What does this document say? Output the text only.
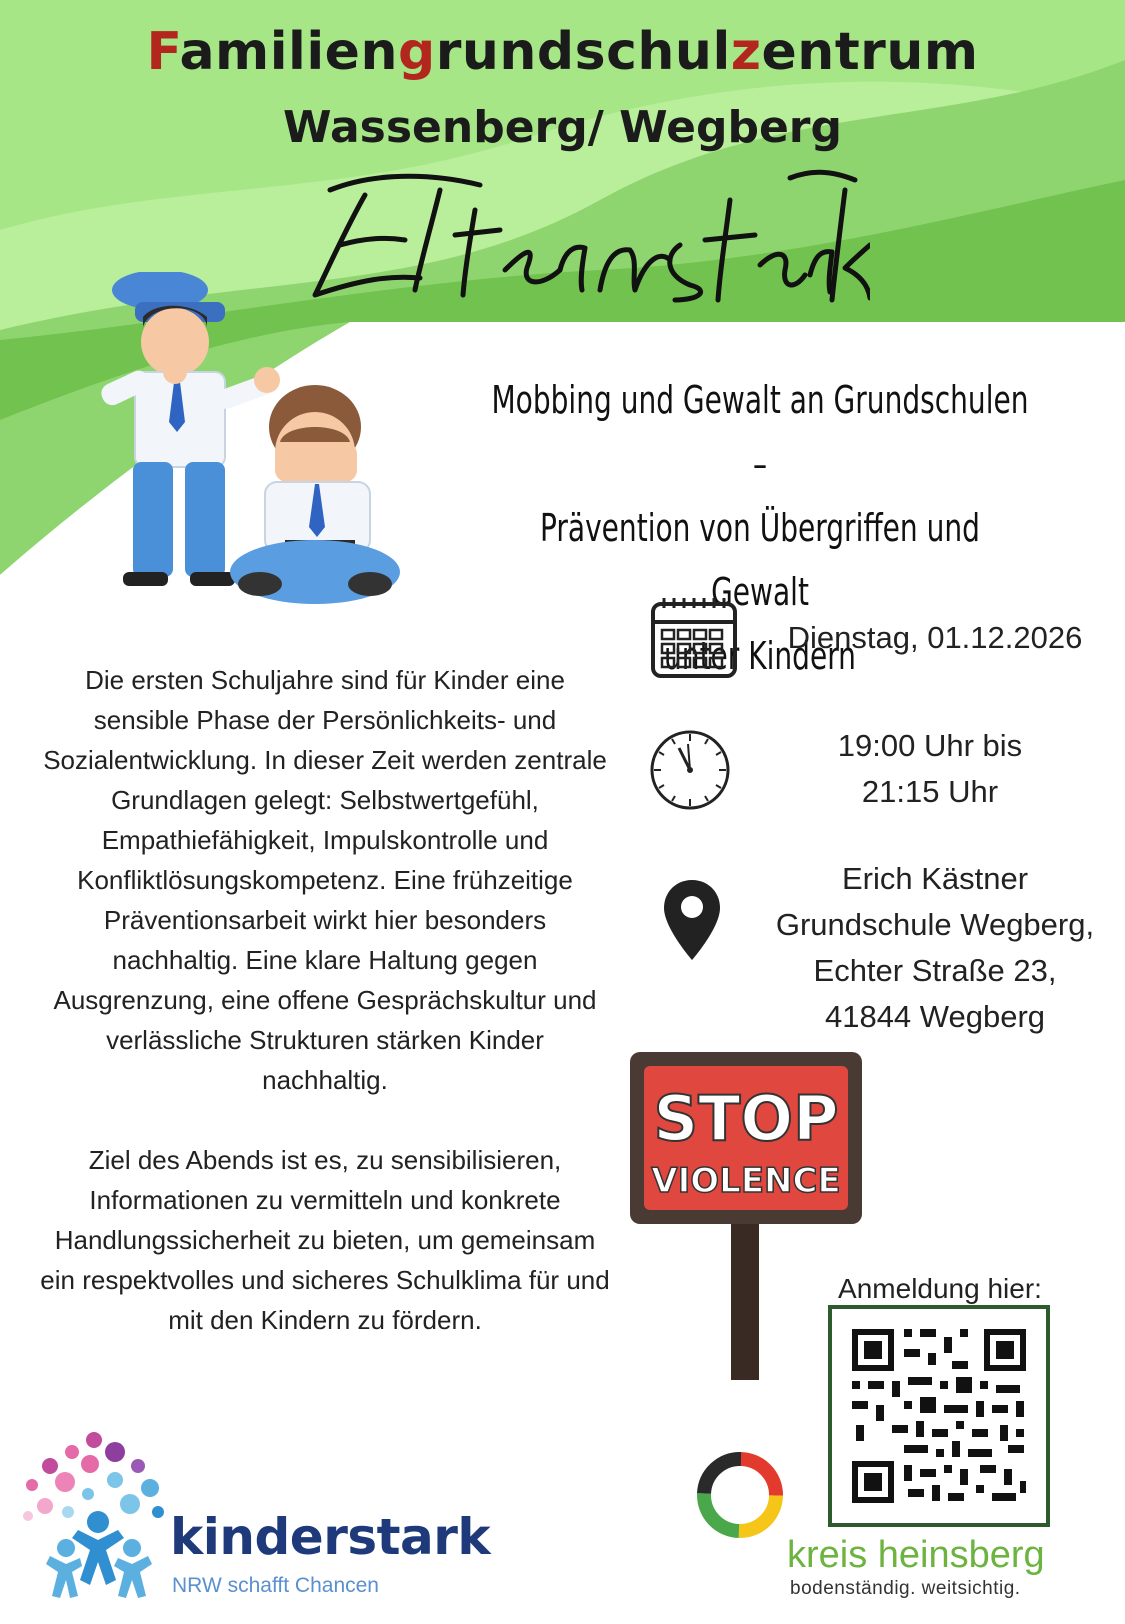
Familiengrundschulzentrum
Wassenberg/ Wegberg
Mobbing und Gewalt an Grundschulen –
Prävention von Übergriffen und Gewalt
unter Kindern

Die ersten Schuljahre sind für Kinder eine sensible Phase der Persönlichkeits- und Sozialentwicklung. In dieser Zeit werden zentrale Grundlagen gelegt: Selbstwertgefühl, Empathiefähigkeit, Impulskontrolle und Konfliktlösungskompetenz. Eine frühzeitige Präventionsarbeit wirkt hier besonders nachhaltig. Eine klare Haltung gegen Ausgrenzung, eine offene Gesprächskultur und verlässliche Strukturen stärken Kinder nachhaltig.

Ziel des Abends ist es, zu sensibilisieren, Informationen zu vermitteln und konkrete Handlungssicherheit zu bieten, um gemeinsam ein respektvolles und sicheres Schulklima für und mit den Kindern zu fördern.

Dienstag, 01.12.2026
19:00 Uhr bis
21:15 Uhr
Erich Kästner
Grundschule Wegberg,
Echter Straße 23,
41844 Wegberg
STOP
VIOLENCE
Anmeldung hier:
kinderstark
NRW schafft Chancen
kreis heinsberg
bodenständig. weitsichtig.
